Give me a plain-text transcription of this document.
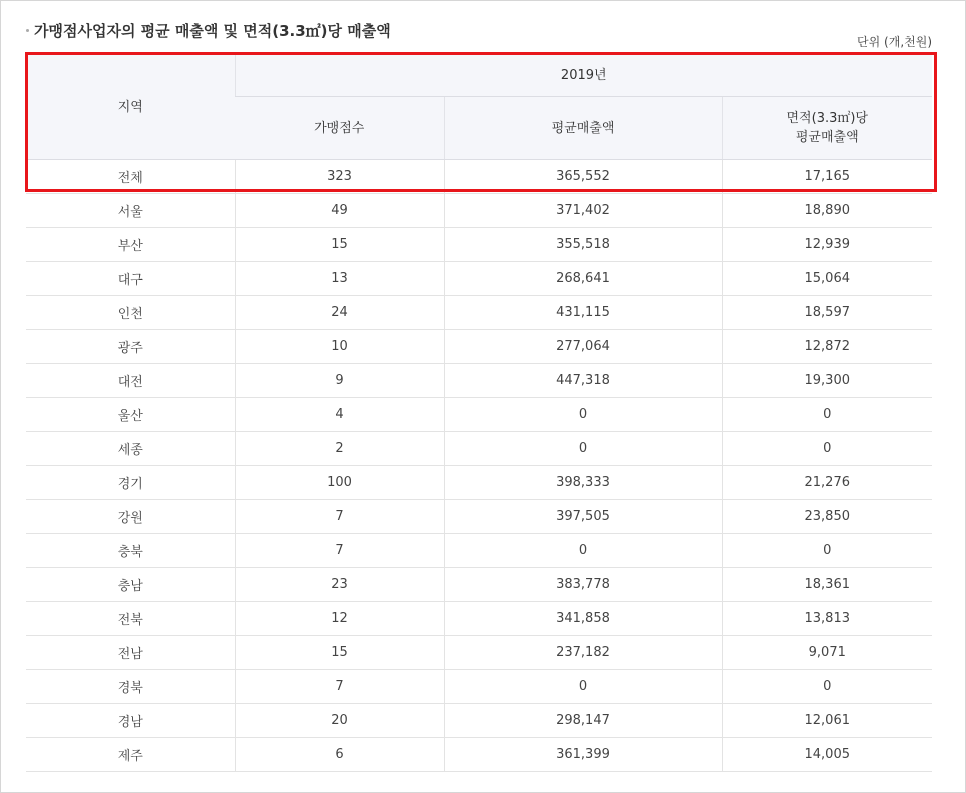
가맹점사업자의 평균 매출액 및 면적(3.3㎡)당 매출액
단위 (개,천원)
지역	2019년		
	가맹점수	평균매출액	면적(3.3㎡)당
평균매출액
전체	323	365,552	17,165
서울	49	371,402	18,890
부산	15	355,518	12,939
대구	13	268,641	15,064
인천	24	431,115	18,597
광주	10	277,064	12,872
대전	9	447,318	19,300
울산	4	0	0
세종	2	0	0
경기	100	398,333	21,276
강원	7	397,505	23,850
충북	7	0	0
충남	23	383,778	18,361
전북	12	341,858	13,813
전남	15	237,182	9,071
경북	7	0	0
경남	20	298,147	12,061
제주	6	361,399	14,005
